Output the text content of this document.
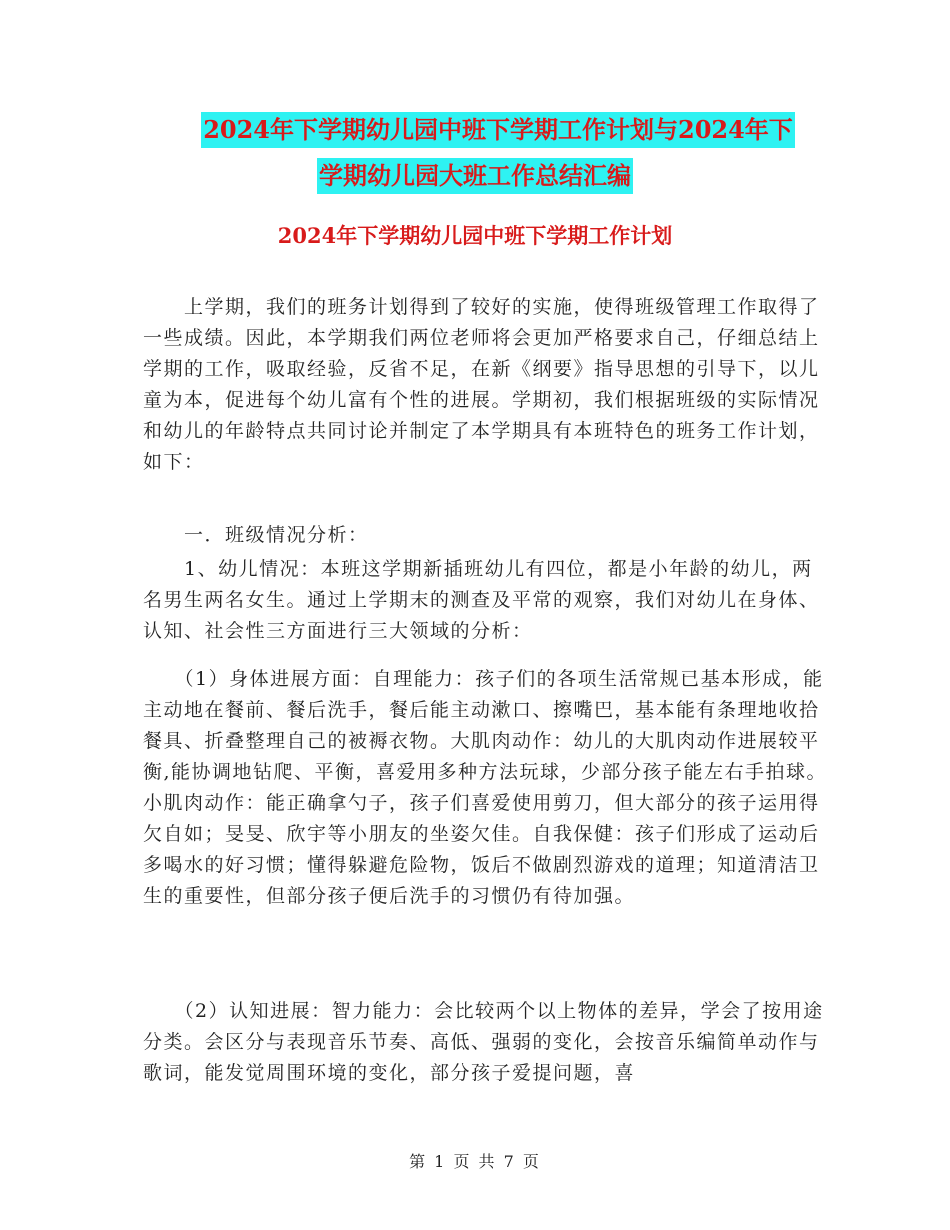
2024年下学期幼儿园中班下学期工作计划与2024年下
学期幼儿园大班工作总结汇编
2024年下学期幼儿园中班下学期工作计划

　　上学期，我们的班务计划得到了较好的实施，使得班级管理工作取得了一些成绩。因此，本学期我们两位老师将会更加严格要求自己，仔细总结上学期的工作，吸取经验，反省不足，在新《纲要》指导思想的引导下，以儿童为本，促进每个幼儿富有个性的进展。学期初，我们根据班级的实际情况和幼儿的年龄特点共同讨论并制定了本学期具有本班特色的班务工作计划，如下：

　　一．班级情况分析：

　　1、幼儿情况：本班这学期新插班幼儿有四位，都是小年龄的幼儿，两名男生两名女生。通过上学期末的测查及平常的观察，我们对幼儿在身体、认知、社会性三方面进行三大领域的分析：

　　（1）身体进展方面：自理能力：孩子们的各项生活常规已基本形成，能主动地在餐前、餐后洗手，餐后能主动漱口、擦嘴巴，基本能有条理地收拾餐具、折叠整理自己的被褥衣物。大肌肉动作：幼儿的大肌肉动作进展较平衡,能协调地钻爬、平衡，喜爱用多种方法玩球，少部分孩子能左右手拍球。小肌肉动作：能正确拿勺子，孩子们喜爱使用剪刀，但大部分的孩子运用得欠自如；旻旻、欣宇等小朋友的坐姿欠佳。自我保健：孩子们形成了运动后多喝水的好习惯；懂得躲避危险物，饭后不做剧烈游戏的道理；知道清洁卫生的重要性，但部分孩子便后洗手的习惯仍有待加强。

　　（2）认知进展：智力能力：会比较两个以上物体的差异，学会了按用途分类。会区分与表现音乐节奏、高低、强弱的变化，会按音乐编简单动作与歌词，能发觉周围环境的变化，部分孩子爱提问题，喜

第 1 页 共 7 页
